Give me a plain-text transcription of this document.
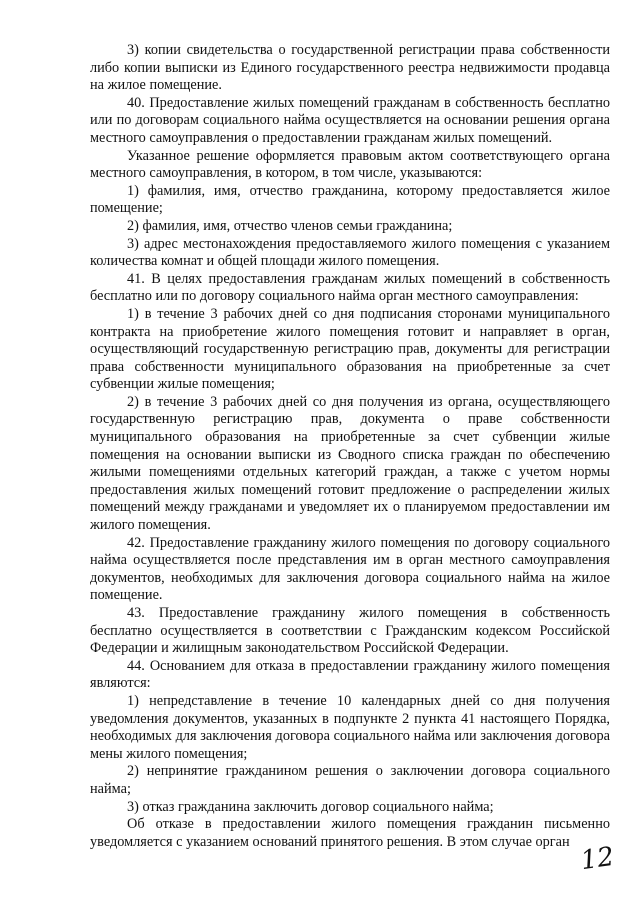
3) копии свидетельства о государственной регистрации права собственности либо копии выписки из Единого государственного реестра недвижимости продавца на жилое помещение.

40. Предоставление жилых помещений гражданам в собственность бесплатно или по договорам социального найма осуществляется на основании решения органа местного самоуправления о предоставлении гражданам жилых помещений.

Указанное решение оформляется правовым актом соответствующего органа местного самоуправления, в котором, в том числе, указываются:

1) фамилия, имя, отчество гражданина, которому предоставляется жилое помещение;

2) фамилия, имя, отчество членов семьи гражданина;

3) адрес местонахождения предоставляемого жилого помещения с указанием количества комнат и общей площади жилого помещения.

41. В целях предоставления гражданам жилых помещений в собственность бесплатно или по договору социального найма орган местного самоуправления:

1) в течение 3 рабочих дней со дня подписания сторонами муниципального контракта на приобретение жилого помещения готовит и направляет в орган, осуществляющий государственную регистрацию прав, документы для регистрации права собственности муниципального образования на приобретенные за счет субвенции жилые помещения;

2) в течение 3 рабочих дней со дня получения из органа, осуществляющего государственную регистрацию прав, документа о праве собственности муниципального образования на приобретенные за счет субвенции жилые помещения на основании выписки из Сводного списка граждан по обеспечению жилыми помещениями отдельных категорий граждан, а также с учетом нормы предоставления жилых помещений готовит предложение о распределении жилых помещений между гражданами и уведомляет их о планируемом предоставлении им жилого помещения.

42. Предоставление гражданину жилого помещения по договору социального найма осуществляется после представления им в орган местного самоуправления документов, необходимых для заключения договора социального найма на жилое помещение.

43. Предоставление гражданину жилого помещения в собственность бесплатно осуществляется в соответствии с Гражданским кодексом Российской Федерации и жилищным законодательством Российской Федерации.

44. Основанием для отказа в предоставлении гражданину жилого помещения являются:

1) непредставление в течение 10 календарных дней со дня получения уведомления документов, указанных в подпункте 2 пункта 41 настоящего Порядка, необходимых для заключения договора социального найма или заключения договора мены жилого помещения;

2) непринятие гражданином решения о заключении договора социального найма;

3) отказ гражданина заключить договор социального найма;

Об отказе в предоставлении жилого помещения гражданин письменно уведомляется с указанием оснований принятого решения. В этом случае орган

12
